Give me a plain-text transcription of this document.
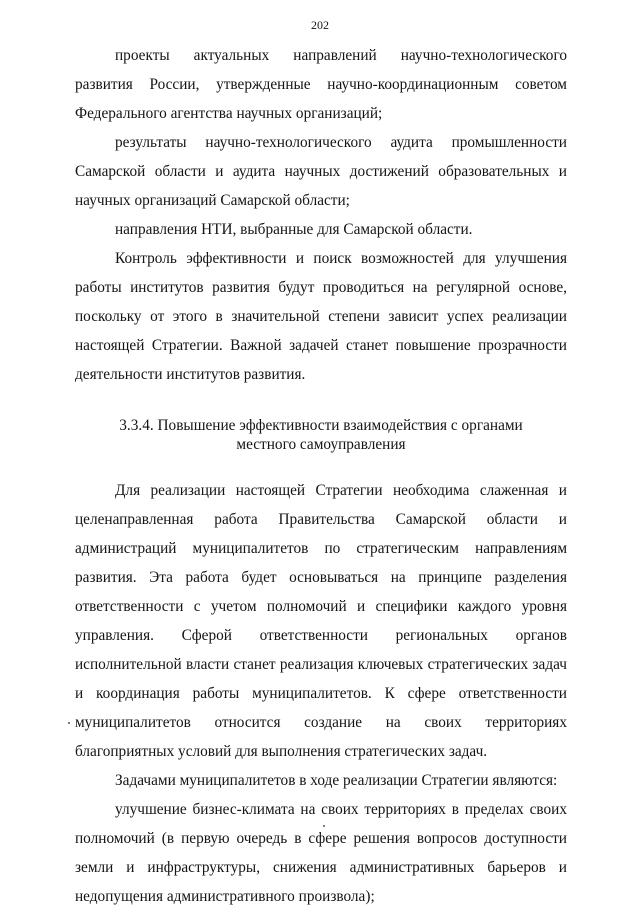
202

проекты актуальных направлений научно-технологического развития России, утвержденные научно-координационным советом Федерального агентства научных организаций;

результаты научно-технологического аудита промышленности Самарской области и аудита научных достижений образовательных и научных организаций Самарской области;

направления НТИ, выбранные для Самарской области.

Контроль эффективности и поиск возможностей для улучшения работы институтов развития будут проводиться на регулярной основе, поскольку от этого в значительной степени зависит успех реализации настоящей Стратегии. Важной задачей станет повышение прозрачности деятельности институтов развития.

3.3.4. Повышение эффективности взаимодействия с органами
местного самоуправления

Для реализации настоящей Стратегии необходима слаженная и целенаправленная работа Правительства Самарской области и администраций муниципалитетов по стратегическим направлениям развития. Эта работа будет основываться на принципе разделения ответственности с учетом полномочий и специфики каждого уровня управления. Сферой ответственности региональных органов исполнительной власти станет реализация ключевых стратегических задач и координация работы муниципалитетов. К сфере ответственности муниципалитетов относится создание на своих территориях благоприятных условий для выполнения стратегических задач.

Задачами муниципалитетов в ходе реализации Стратегии являются:

улучшение бизнес-климата на своих территориях в пределах своих полномочий (в первую очередь в сфере решения вопросов доступности земли и инфраструктуры, снижения административных барьеров и недопущения административного произвола);
